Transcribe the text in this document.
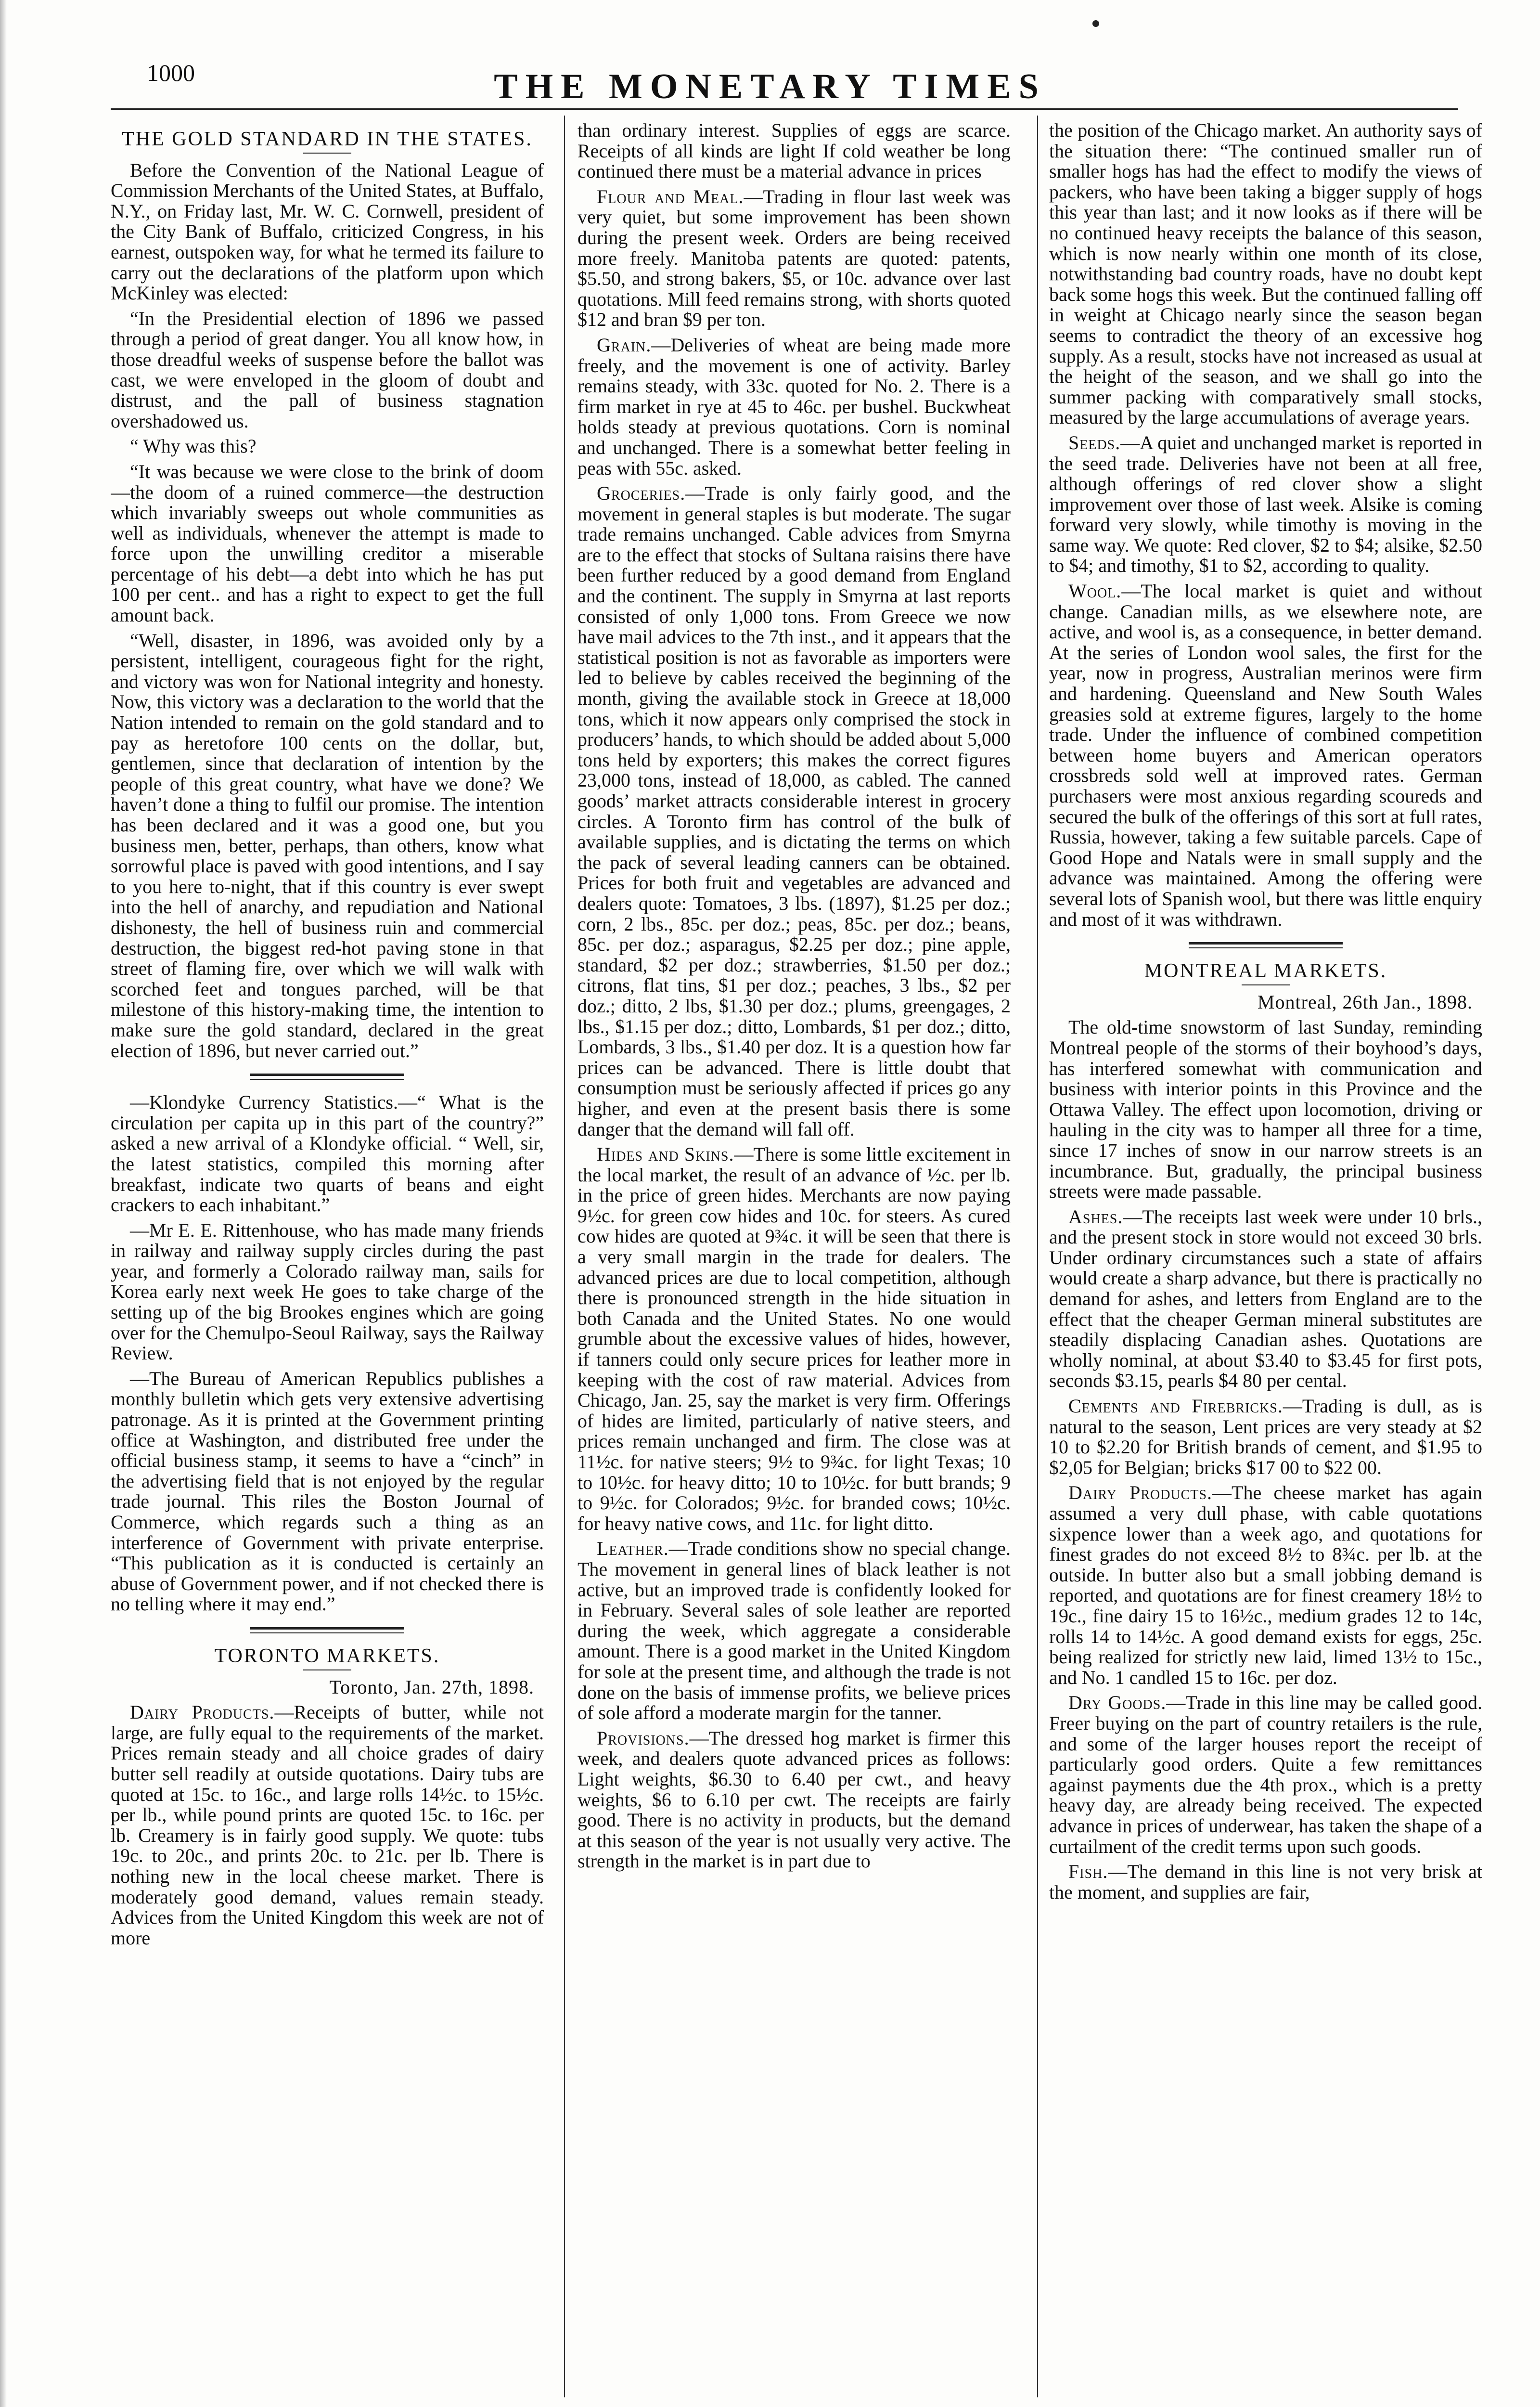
1000	THE MONETARY TIMES
THE GOLD STANDARD IN THE STATES.

Before the Convention of the National League of Commission Merchants of the United States, at Buffalo, N.Y., on Friday last, Mr. W. C. Cornwell, president of the City Bank of Buffalo, criticized Congress, in his earnest, outspoken way, for what he termed its failure to carry out the declarations of the platform upon which McKinley was elected:

“In the Presidential election of 1896 we passed through a period of great danger. You all know how, in those dreadful weeks of suspense before the ballot was cast, we were enveloped in the gloom of doubt and distrust, and the pall of business stagnation overshadowed us.

“ Why was this?

“It was because we were close to the brink of doom—the doom of a ruined commerce—the destruction which invariably sweeps out whole communities as well as individuals, whenever the attempt is made to force upon the unwilling creditor a miserable percentage of his debt—a debt into which he has put 100 per cent.. and has a right to expect to get the full amount back.

“Well, disaster, in 1896, was avoided only by a persistent, intelligent, courageous fight for the right, and victory was won for National integrity and honesty. Now, this victory was a declaration to the world that the Nation intended to remain on the gold standard and to pay as heretofore 100 cents on the dollar, but, gentlemen, since that declaration of intention by the people of this great country, what have we done? We haven’t done a thing to fulfil our promise. The intention has been declared and it was a good one, but you business men, better, perhaps, than others, know what sorrowful place is paved with good intentions, and I say to you here to-night, that if this country is ever swept into the hell of anarchy, and repudiation and National dishonesty, the hell of business ruin and commercial destruction, the biggest red-hot paving stone in that street of flaming fire, over which we will walk with scorched feet and tongues parched, will be that milestone of this history-making time, the intention to make sure the gold standard, declared in the great election of 1896, but never carried out.”

—Klondyke Currency Statistics.—“ What is the circulation per capita up in this part of the country?” asked a new arrival of a Klondyke official. “ Well, sir, the latest statistics, compiled this morning after breakfast, indicate two quarts of beans and eight crackers to each inhabitant.”

—Mr E. E. Rittenhouse, who has made many friends in railway and railway supply circles during the past year, and formerly a Colorado railway man, sails for Korea early next week He goes to take charge of the setting up of the big Brookes engines which are going over for the Chemulpo-Seoul Railway, says the Railway Review.

—The Bureau of American Republics publishes a monthly bulletin which gets very extensive advertising patronage. As it is printed at the Government printing office at Washington, and distributed free under the official business stamp, it seems to have a “cinch” in the advertising field that is not enjoyed by the regular trade journal. This riles the Boston Journal of Commerce, which regards such a thing as an interference of Government with private enterprise. “This publication as it is conducted is certainly an abuse of Government power, and if not checked there is no telling where it may end.”

TORONTO MARKETS.
Toronto, Jan. 27th, 1898.

Dairy Products.—Receipts of butter, while not large, are fully equal to the requirements of the market. Prices remain steady and all choice grades of dairy butter sell readily at outside quotations. Dairy tubs are quoted at 15c. to 16c., and large rolls 14½c. to 15½c. per lb., while pound prints are quoted 15c. to 16c. per lb. Creamery is in fairly good supply. We quote: tubs 19c. to 20c., and prints 20c. to 21c. per lb. There is nothing new in the local cheese market. There is moderately good demand, values remain steady. Advices from the United Kingdom this week are not of more

than ordinary interest. Supplies of eggs are scarce. Receipts of all kinds are light If cold weather be long continued there must be a material advance in prices

Flour and Meal.—Trading in flour last week was very quiet, but some improvement has been shown during the present week. Orders are being received more freely. Manitoba patents are quoted: patents, $5.50, and strong bakers, $5, or 10c. advance over last quotations. Mill feed remains strong, with shorts quoted $12 and bran $9 per ton.

Grain.—Deliveries of wheat are being made more freely, and the movement is one of activity. Barley remains steady, with 33c. quoted for No. 2. There is a firm market in rye at 45 to 46c. per bushel. Buckwheat holds steady at previous quotations. Corn is nominal and unchanged. There is a somewhat better feeling in peas with 55c. asked.

Groceries.—Trade is only fairly good, and the movement in general staples is but moderate. The sugar trade remains unchanged. Cable advices from Smyrna are to the effect that stocks of Sultana raisins there have been further reduced by a good demand from England and the continent. The supply in Smyrna at last reports consisted of only 1,000 tons. From Greece we now have mail advices to the 7th inst., and it appears that the statistical position is not as favorable as importers were led to believe by cables received the beginning of the month, giving the available stock in Greece at 18,000 tons, which it now appears only comprised the stock in producers’ hands, to which should be added about 5,000 tons held by exporters; this makes the correct figures 23,000 tons, instead of 18,000, as cabled. The canned goods’ market attracts considerable interest in grocery circles. A Toronto firm has control of the bulk of available supplies, and is dictating the terms on which the pack of several leading canners can be obtained. Prices for both fruit and vegetables are advanced and dealers quote: Tomatoes, 3 lbs. (1897), $1.25 per doz.; corn, 2 lbs., 85c. per doz.; peas, 85c. per doz.; beans, 85c. per doz.; asparagus, $2.25 per doz.; pine apple, standard, $2 per doz.; strawberries, $1.50 per doz.; citrons, flat tins, $1 per doz.; peaches, 3 lbs., $2 per doz.; ditto, 2 lbs, $1.30 per doz.; plums, greengages, 2 lbs., $1.15 per doz.; ditto, Lombards, $1 per doz.; ditto, Lombards, 3 lbs., $1.40 per doz. It is a question how far prices can be advanced. There is little doubt that consumption must be seriously affected if prices go any higher, and even at the present basis there is some danger that the demand will fall off.

Hides and Skins.—There is some little excitement in the local market, the result of an advance of ½c. per lb. in the price of green hides. Merchants are now paying 9½c. for green cow hides and 10c. for steers. As cured cow hides are quoted at 9¾c. it will be seen that there is a very small margin in the trade for dealers. The advanced prices are due to local competition, although there is pronounced strength in the hide situation in both Canada and the United States. No one would grumble about the excessive values of hides, however, if tanners could only secure prices for leather more in keeping with the cost of raw material. Advices from Chicago, Jan. 25, say the market is very firm. Offerings of hides are limited, particularly of native steers, and prices remain unchanged and firm. The close was at 11½c. for native steers; 9½ to 9¾c. for light Texas; 10 to 10½c. for heavy ditto; 10 to 10½c. for butt brands; 9 to 9½c. for Colorados; 9½c. for branded cows; 10½c. for heavy native cows, and 11c. for light ditto.

Leather.—Trade conditions show no special change. The movement in general lines of black leather is not active, but an improved trade is confidently looked for in February. Several sales of sole leather are reported during the week, which aggregate a considerable amount. There is a good market in the United Kingdom for sole at the present time, and although the trade is not done on the basis of immense profits, we believe prices of sole afford a moderate margin for the tanner.

Provisions.—The dressed hog market is firmer this week, and dealers quote advanced prices as follows: Light weights, $6.30 to 6.40 per cwt., and heavy weights, $6 to 6.10 per cwt. The receipts are fairly good. There is no activity in products, but the demand at this season of the year is not usually very active. The strength in the market is in part due to

the position of the Chicago market. An authority says of the situation there: “The continued smaller run of smaller hogs has had the effect to modify the views of packers, who have been taking a bigger supply of hogs this year than last; and it now looks as if there will be no continued heavy receipts the balance of this season, which is now nearly within one month of its close, notwithstanding bad country roads, have no doubt kept back some hogs this week. But the continued falling off in weight at Chicago nearly since the season began seems to contradict the theory of an excessive hog supply. As a result, stocks have not increased as usual at the height of the season, and we shall go into the summer packing with comparatively small stocks, measured by the large accumulations of average years.

Seeds.—A quiet and unchanged market is reported in the seed trade. Deliveries have not been at all free, although offerings of red clover show a slight improvement over those of last week. Alsike is coming forward very slowly, while timothy is moving in the same way. We quote: Red clover, $2 to $4; alsike, $2.50 to $4; and timothy, $1 to $2, according to quality.

Wool.—The local market is quiet and without change. Canadian mills, as we elsewhere note, are active, and wool is, as a consequence, in better demand. At the series of London wool sales, the first for the year, now in progress, Australian merinos were firm and hardening. Queensland and New South Wales greasies sold at extreme figures, largely to the home trade. Under the influence of combined competition between home buyers and American operators crossbreds sold well at improved rates. German purchasers were most anxious regarding scoureds and secured the bulk of the offerings of this sort at full rates, Russia, however, taking a few suitable parcels. Cape of Good Hope and Natals were in small supply and the advance was maintained. Among the offering were several lots of Spanish wool, but there was little enquiry and most of it was withdrawn.

MONTREAL MARKETS.
Montreal, 26th Jan., 1898.

The old-time snowstorm of last Sunday, reminding Montreal people of the storms of their boyhood’s days, has interfered somewhat with communication and business with interior points in this Province and the Ottawa Valley. The effect upon locomotion, driving or hauling in the city was to hamper all three for a time, since 17 inches of snow in our narrow streets is an incumbrance. But, gradually, the principal business streets were made passable.

Ashes.—The receipts last week were under 10 brls., and the present stock in store would not exceed 30 brls. Under ordinary circumstances such a state of affairs would create a sharp advance, but there is practically no demand for ashes, and letters from England are to the effect that the cheaper German mineral substitutes are steadily displacing Canadian ashes. Quotations are wholly nominal, at about $3.40 to $3.45 for first pots, seconds $3.15, pearls $4 80 per cental.

Cements and Firebricks.—Trading is dull, as is natural to the season, Lent prices are very steady at $2 10 to $2.20 for British brands of cement, and $1.95 to $2,05 for Belgian; bricks $17 00 to $22 00.

Dairy Products.—The cheese market has again assumed a very dull phase, with cable quotations sixpence lower than a week ago, and quotations for finest grades do not exceed 8½ to 8¾c. per lb. at the outside. In butter also but a small jobbing demand is reported, and quotations are for finest creamery 18½ to 19c., fine dairy 15 to 16½c., medium grades 12 to 14c, rolls 14 to 14½c. A good demand exists for eggs, 25c. being realized for strictly new laid, limed 13½ to 15c., and No. 1 candled 15 to 16c. per doz.

Dry Goods.—Trade in this line may be called good. Freer buying on the part of country retailers is the rule, and some of the larger houses report the receipt of particularly good orders. Quite a few remittances against payments due the 4th prox., which is a pretty heavy day, are already being received. The expected advance in prices of underwear, has taken the shape of a curtailment of the credit terms upon such goods.

Fish.—The demand in this line is not very brisk at the moment, and supplies are fair,
